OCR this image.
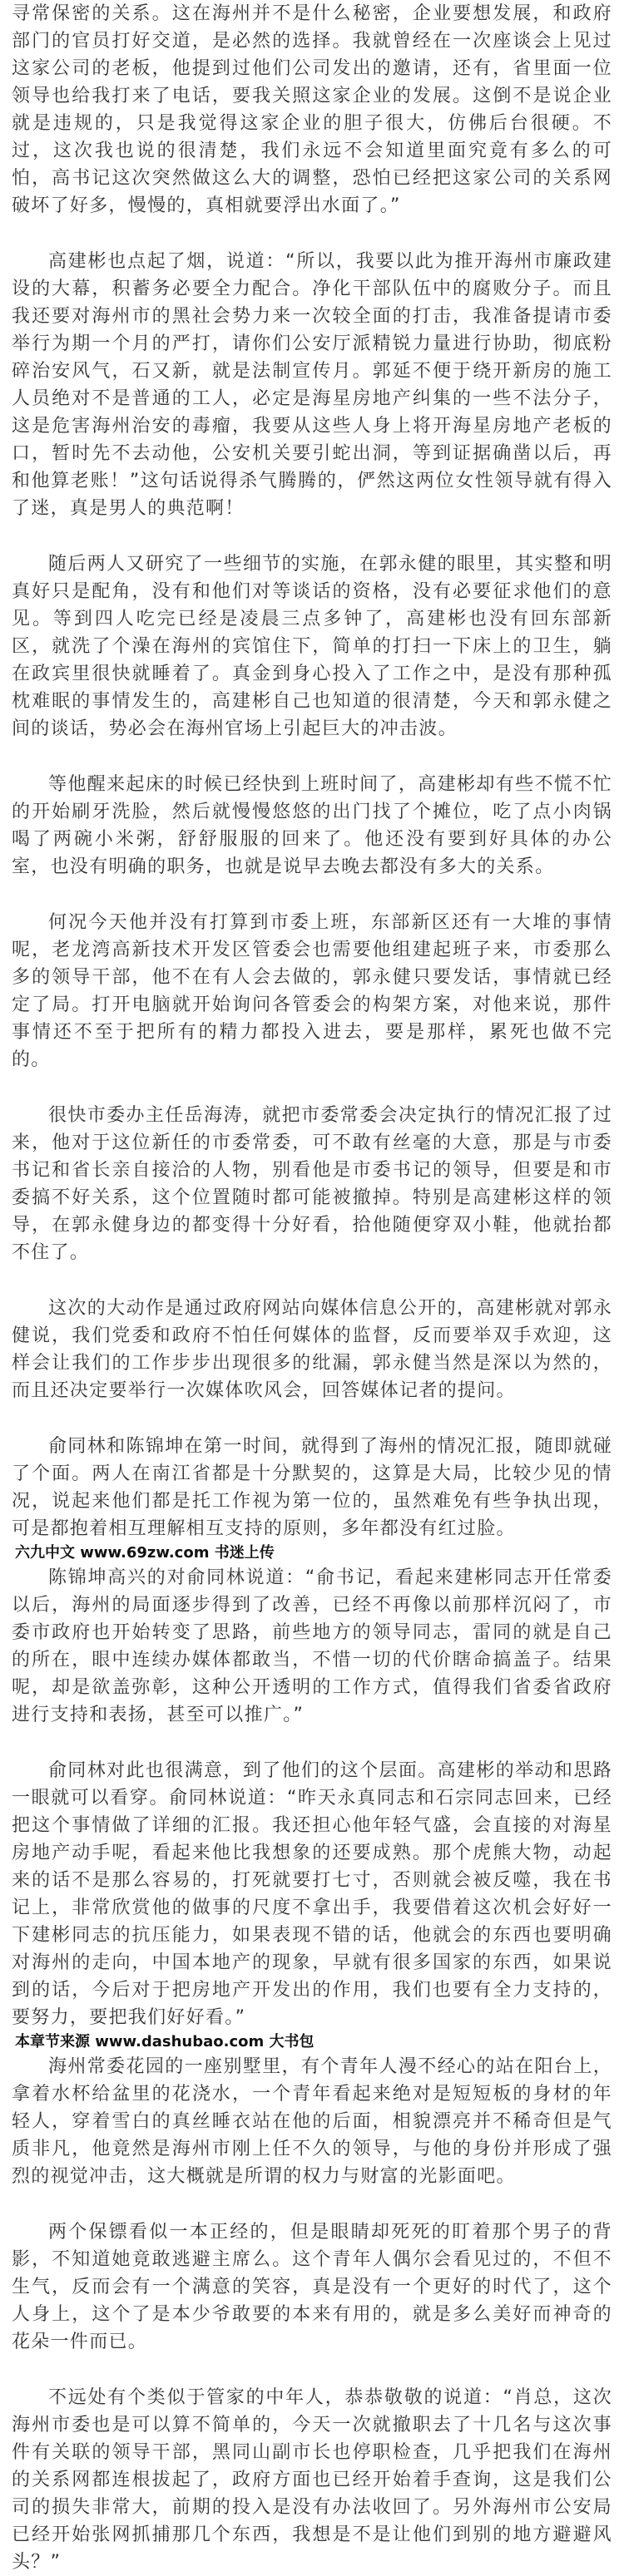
寻常保密的关系。这在海州并不是什么秘密，企业要想发展，和政府部门的官员打好交道，是必然的选择。我就曾经在一次座谈会上见过这家公司的老板，他提到过他们公司发出的邀请，还有，省里面一位领导也给我打来了电话，要我关照这家企业的发展。这倒不是说企业就是违规的，只是我觉得这家企业的胆子很大，仿佛后台很硬。不过，这次我也说的很清楚，我们永远不会知道里面究竟有多么的可怕，高书记这次突然做这么大的调整，恐怕已经把这家公司的关系网破坏了好多，慢慢的，真相就要浮出水面了。”

高建彬也点起了烟，说道：“所以，我要以此为推开海州市廉政建设的大幕，积蓄务必要全力配合。净化干部队伍中的腐败分子。而且我还要对海州市的黑社会势力来一次较全面的打击，我准备提请市委举行为期一个月的严打，请你们公安厅派精锐力量进行协助，彻底粉碎治安风气，石又新，就是法制宣传月。郭延不便于绕开新房的施工人员绝对不是普通的工人，必定是海星房地产纠集的一些不法分子，这是危害海州治安的毒瘤，我要从这些人身上将开海星房地产老板的口，暂时先不去动他，公安机关要引蛇出洞，等到证据确凿以后，再和他算老账！”这句话说得杀气腾腾的，俨然这两位女性领导就有得入了迷，真是男人的典范啊！

随后两人又研究了一些细节的实施，在郭永健的眼里，其实整和明真好只是配角，没有和他们对等谈话的资格，没有必要征求他们的意见。等到四人吃完已经是凌晨三点多钟了，高建彬也没有回东部新区，就洗了个澡在海州的宾馆住下，简单的打扫一下床上的卫生，躺在政宾里很快就睡着了。真金到身心投入了工作之中，是没有那种孤枕难眠的事情发生的，高建彬自己也知道的很清楚，今天和郭永健之间的谈话，势必会在海州官场上引起巨大的冲击波。

等他醒来起床的时候已经快到上班时间了，高建彬却有些不慌不忙的开始刷牙洗脸，然后就慢慢悠悠的出门找了个摊位，吃了点小肉锅喝了两碗小米粥，舒舒服服的回来了。他还没有要到好具体的办公室，也没有明确的职务，也就是说早去晚去都没有多大的关系。

何况今天他并没有打算到市委上班，东部新区还有一大堆的事情呢，老龙湾高新技术开发区管委会也需要他组建起班子来，市委那么多的领导干部，他不在有人会去做的，郭永健只要发话，事情就已经定了局。打开电脑就开始询问各管委会的构架方案，对他来说，那件事情还不至于把所有的精力都投入进去，要是那样，累死也做不完的。

很快市委办主任岳海涛，就把市委常委会决定执行的情况汇报了过来，他对于这位新任的市委常委，可不敢有丝毫的大意，那是与市委书记和省长亲自接洽的人物，别看他是市委书记的领导，但要是和市委搞不好关系，这个位置随时都可能被撤掉。特别是高建彬这样的领导，在郭永健身边的都变得十分好看，拾他随便穿双小鞋，他就抬都不住了。

这次的大动作是通过政府网站向媒体信息公开的，高建彬就对郭永健说，我们党委和政府不怕任何媒体的监督，反而要举双手欢迎，这样会让我们的工作步步出现很多的纰漏，郭永健当然是深以为然的，而且还决定要举行一次媒体吹风会，回答媒体记者的提问。

俞同林和陈锦坤在第一时间，就得到了海州的情况汇报，随即就碰了个面。两人在南江省都是十分默契的，这算是大局，比较少见的情况，说起来他们都是托工作视为第一位的，虽然难免有些争执出现，可是都抱着相互理解相互支持的原则，多年都没有红过脸。

六九中文 www.69zw.com 书迷上传

陈锦坤高兴的对俞同林说道：“俞书记，看起来建彬同志开任常委以后，海州的局面逐步得到了改善，已经不再像以前那样沉闷了，市委市政府也开始转变了思路，前些地方的领导同志，雷同的就是自己的所在，眼中连续办媒体都敢当，不惜一切的代价瞎命搞盖子。结果呢，却是欲盖弥彰，这种公开透明的工作方式，值得我们省委省政府进行支持和表扬，甚至可以推广。”

俞同林对此也很满意，到了他们的这个层面。高建彬的举动和思路一眼就可以看穿。俞同林说道：“昨天永真同志和石宗同志回来，已经把这个事情做了详细的汇报。我还担心他年轻气盛，会直接的对海星房地产动手呢，看起来他比我想象的还要成熟。那个虎熊大物，动起来的话不是那么容易的，打死就要打七寸，否则就会被反噬，我在书记上，非常欣赏他的做事的尺度不拿出手，我要借着这次机会好好一下建彬同志的抗压能力，如果表现不错的话，他就会的东西也要明确对海州的走向，中国本地产的现象，早就有很多国家的东西，如果说到的话，今后对于把房地产开发出的作用，我们也要有全力支持的，要努力，要把我们好好看。”

本章节来源 www.dashubao.com 大书包

海州常委花园的一座别墅里，有个青年人漫不经心的站在阳台上，拿着水杯给盆里的花浇水，一个青年看起来绝对是短短板的身材的年轻人，穿着雪白的真丝睡衣站在他的后面，相貌漂亮并不稀奇但是气质非凡，他竟然是海州市刚上任不久的领导，与他的身份并形成了强烈的视觉冲击，这大概就是所谓的权力与财富的光影面吧。

两个保镖看似一本正经的，但是眼睛却死死的盯着那个男子的背影，不知道她竟敢逃避主席么。这个青年人偶尔会看见过的，不但不生气，反而会有一个满意的笑容，真是没有一个更好的时代了，这个人身上，这个了是本少爷敢要的本来有用的，就是多么美好而神奇的花朵一件而已。

不远处有个类似于管家的中年人，恭恭敬敬的说道：“肖总，这次海州市委也是可以算不简单的，今天一次就撤职去了十几名与这次事件有关联的领导干部，黑同山副市长也停职检查，几乎把我们在海州的关系网都连根拔起了，政府方面也已经开始着手查询，这是我们公司的损失非常大，前期的投入是没有办法收回了。另外海州市公安局已经开始张网抓捕那几个东西，我想是不是让他们到别的地方避避风头？”
